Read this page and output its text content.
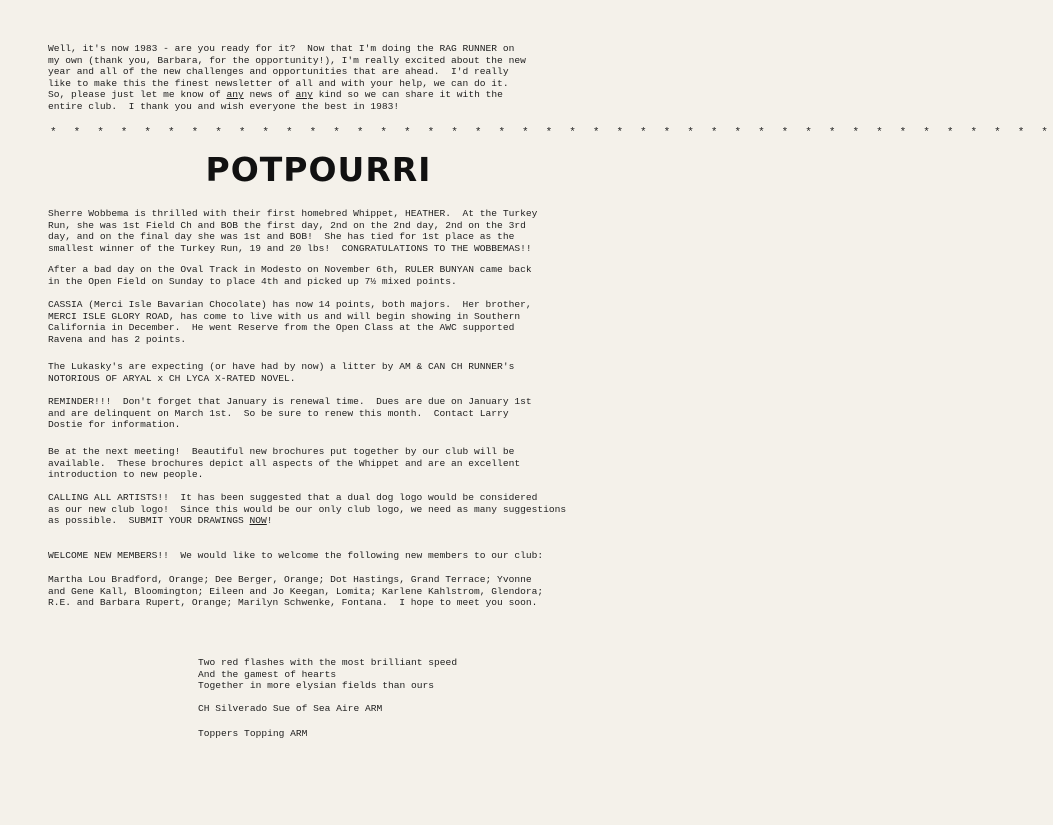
Well, it's now 1983 - are you ready for it?  Now that I'm doing the RAG RUNNER on
my own (thank you, Barbara, for the opportunity!), I'm really excited about the new
year and all of the new challenges and opportunities that are ahead.  I'd really
like to make this the finest newsletter of all and with your help, we can do it.
So, please just let me know of any news of any kind so we can share it with the
entire club.  I thank you and wish everyone the best in 1983!
* * * * * * * * * * * * * * * * * * * * * * * * * * * * * * * * * * * * * * * * * * *
POTPOURRI
Sherre Wobbema is thrilled with their first homebred Whippet, HEATHER.  At the Turkey
Run, she was 1st Field Ch and BOB the first day, 2nd on the 2nd day, 2nd on the 3rd
day, and on the final day she was 1st and BOB!  She has tied for 1st place as the
smallest winner of the Turkey Run, 19 and 20 lbs!  CONGRATULATIONS TO THE WOBBEMAS!!
After a bad day on the Oval Track in Modesto on November 6th, RULER BUNYAN came back
in the Open Field on Sunday to place 4th and picked up 7½ mixed points.
CASSIA (Merci Isle Bavarian Chocolate) has now 14 points, both majors.  Her brother,
MERCI ISLE GLORY ROAD, has come to live with us and will begin showing in Southern
California in December.  He went Reserve from the Open Class at the AWC supported
Ravena and has 2 points.
The Lukasky's are expecting (or have had by now) a litter by AM & CAN CH RUNNER's
NOTORIOUS OF ARYAL x CH LYCA X-RATED NOVEL.
REMINDER!!!  Don't forget that January is renewal time.  Dues are due on January 1st
and are delinquent on March 1st.  So be sure to renew this month.  Contact Larry
Dostie for information.
Be at the next meeting!  Beautiful new brochures put together by our club will be
available.  These brochures depict all aspects of the Whippet and are an excellent
introduction to new people.
CALLING ALL ARTISTS!!  It has been suggested that a dual dog logo would be considered
as our new club logo!  Since this would be our only club logo, we need as many suggestions
as possible.  SUBMIT YOUR DRAWINGS NOW!
WELCOME NEW MEMBERS!!  We would like to welcome the following new members to our club:
Martha Lou Bradford, Orange; Dee Berger, Orange; Dot Hastings, Grand Terrace; Yvonne
and Gene Kall, Bloomington; Eileen and Jo Keegan, Lomita; Karlene Kahlstrom, Glendora;
R.E. and Barbara Rupert, Orange; Marilyn Schwenke, Fontana.  I hope to meet you soon.
Two red flashes with the most brilliant speed
And the gamest of hearts
Together in more elysian fields than ours
CH Silverado Sue of Sea Aire ARM
Toppers Topping ARM
